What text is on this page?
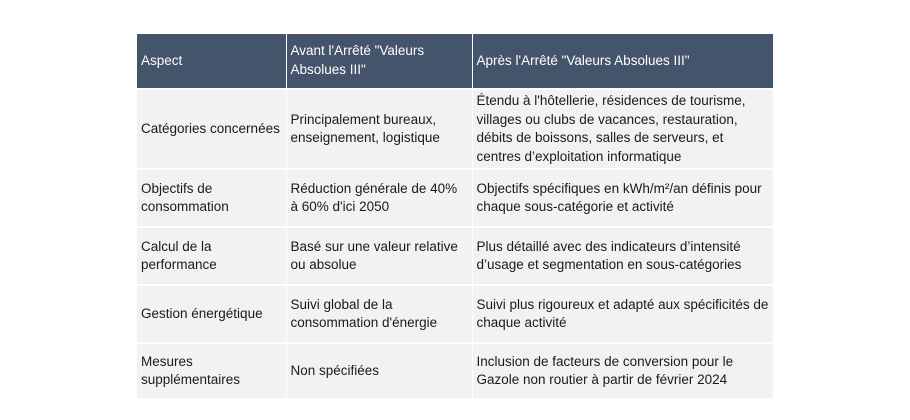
Aspect	Avant l'Arrêté "Valeurs Absolues III"	Après l'Arrêté "Valeurs Absolues III"
Catégories concernées	Principalement bureaux, enseignement, logistique	Étendu à l'hôtellerie, résidences de tourisme, villages ou clubs de vacances, restauration, débits de boissons, salles de serveurs, et centres d’exploitation informatique
Objectifs de consommation	Réduction générale de 40% à 60% d'ici 2050	Objectifs spécifiques en kWh/m²/an définis pour chaque sous-catégorie et activité
Calcul de la performance	Basé sur une valeur relative ou absolue	Plus détaillé avec des indicateurs d’intensité d’usage et segmentation en sous-catégories
Gestion énergétique	Suivi global de la consommation d'énergie	Suivi plus rigoureux et adapté aux spécificités de chaque activité
Mesures supplémentaires	Non spécifiées	Inclusion de facteurs de conversion pour le Gazole non routier à partir de février 2024
